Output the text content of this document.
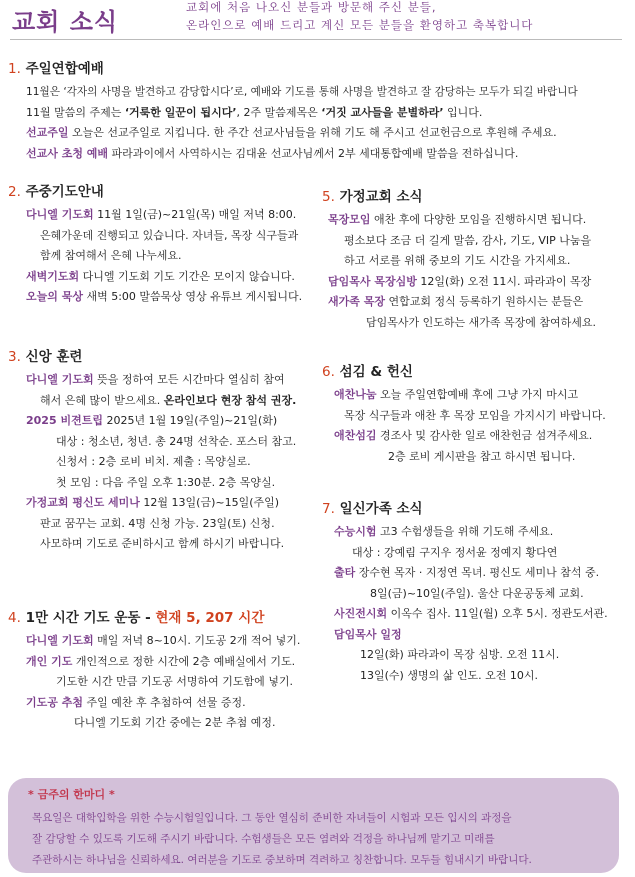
교회 소식
교회에 처음 나오신 분들과 방문해 주신 분들,
온라인으로 예배 드리고 계신 모든 분들을 환영하고 축복합니다
1. 주일연합예배
11월은 ‘각자의 사명을 발견하고 감당합시다’로, 예배와 기도를 통해 사명을 발견하고 잘 감당하는 모두가 되길 바랍니다
11월 말씀의 주제는 ‘거룩한 일꾼이 됩시다’, 2주 말씀제목은 ‘거짓 교사들을 분별하라’ 입니다.
선교주일 오늘은 선교주일로 지킵니다. 한 주간 선교사님들을 위해 기도 해 주시고 선교헌금으로 후원해 주세요.
선교사 초청 예배 파라과이에서 사역하시는 김대윤 선교사님께서 2부 세대통합예배 말씀을 전하십니다.
2. 주중기도안내
다니엘 기도회 11월 1일(금)~21일(목) 매일 저녁 8:00.
은혜가운데 진행되고 있습니다. 자녀들, 목장 식구들과
함께 참여해서 은혜 나누세요.
새벽기도회 다니엘 기도회 기도 기간은 모이지 않습니다.
오늘의 묵상 새벽 5:00 말씀묵상 영상 유튜브 게시됩니다.
3. 신앙 훈련
다니엘 기도회 뜻을 정하여 모든 시간마다 열심히 참여
해서 은혜 많이 받으세요. 온라인보다 현장 참석 권장.
2025 비젼트립 2025년 1월 19일(주일)~21일(화)
대상 : 청소년, 청년. 총 24명 선착순. 포스터 참고.
신청서 : 2층 로비 비치. 제출 : 목양실로.
첫 모임 : 다음 주일 오후 1:30분. 2층 목양실.
가정교회 평신도 세미나 12월 13일(금)~15일(주일)
판교 꿈꾸는 교회. 4명 신청 가능. 23일(토) 신청.
사모하며 기도로 준비하시고 함께 하시기 바랍니다.
4. 1만 시간 기도 운동 - 현재 5, 207 시간
다니엘 기도회 매일 저녁 8~10시. 기도공 2개 적어 넣기.
개인 기도 개인적으로 정한 시간에 2층 예배실에서 기도.
기도한 시간 만큼 기도공 서명하여 기도함에 넣기.
기도공 추첨 주일 예찬 후 추첨하여 선물 증정.
다니엘 기도회 기간 중에는 2분 추첨 예정.
5. 가정교회 소식
목장모임 애찬 후에 다양한 모임을 진행하시면 됩니다.
평소보다 조금 더 길게 말씀, 감사, 기도, VIP 나눔을
하고 서로를 위해 중보의 기도 시간을 가지세요.
담임목사 목장심방 12일(화) 오전 11시. 파라과이 목장
새가족 목장 연합교회 정식 등록하기 원하시는 분들은
담임목사가 인도하는 새가족 목장에 참여하세요.
6. 섬김 & 헌신
애찬나눔 오늘 주일연합예배 후에 그냥 가지 마시고
목장 식구들과 애찬 후 목장 모임을 가지시기 바랍니다.
애찬섬김 경조사 및 감사한 일로 애찬헌금 섬겨주세요.
2층 로비 게시판을 참고 하시면 됩니다.
7. 일신가족 소식
수능시험 고3 수험생들을 위해 기도해 주세요.
대상 : 강예림 구지우 정서윤 정예지 황다연
출타 장수현 목자 · 지정연 목녀. 평신도 세미나 참석 중.
8일(금)~10일(주일). 울산 다운공동체 교회.
사진전시회 이옥수 집사. 11일(월) 오후 5시. 정관도서관.
담임목사 일정
12일(화) 파라과이 목장 심방. 오전 11시.
13일(수) 생명의 삶 인도. 오전 10시.
* 금주의 한마디 *
목요일은 대학입학을 위한 수능시험일입니다. 그 동안 열심히 준비한 자녀들이 시험과 모든 입시의 과정을
잘 감당할 수 있도록 기도해 주시기 바랍니다. 수험생들은 모든 염려와 걱정을 하나님께 맡기고 미래를
주관하시는 하나님을 신뢰하세요. 여러분을 기도로 중보하며 격려하고 칭찬합니다. 모두들 힘내시기 바랍니다.
